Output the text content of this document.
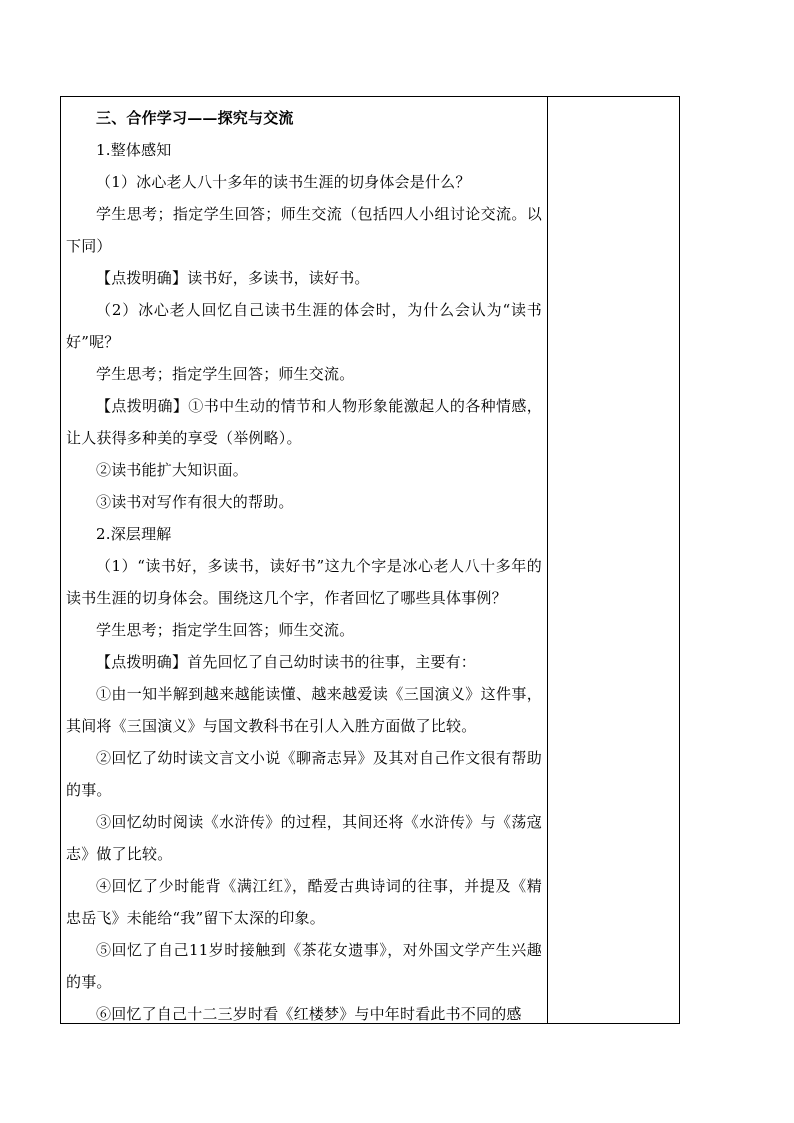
三、合作学习——探究与交流

1.整体感知

（1）冰心老人八十多年的读书生涯的切身体会是什么？

学生思考；指定学生回答；师生交流（包括四人小组讨论交流。以下同）

【点拨明确】读书好，多读书，读好书。

（2）冰心老人回忆自己读书生涯的体会时，为什么会认为“读书好”呢？

学生思考；指定学生回答；师生交流。

【点拨明确】①书中生动的情节和人物形象能激起人的各种情感，让人获得多种美的享受（举例略）。

②读书能扩大知识面。

③读书对写作有很大的帮助。

2.深层理解

（1）“读书好，多读书，读好书”这九个字是冰心老人八十多年的读书生涯的切身体会。围绕这几个字，作者回忆了哪些具体事例？

学生思考；指定学生回答；师生交流。

【点拨明确】首先回忆了自己幼时读书的往事，主要有：

①由一知半解到越来越能读懂、越来越爱读《三国演义》这件事，其间将《三国演义》与国文教科书在引人入胜方面做了比较。

②回忆了幼时读文言文小说《聊斋志异》及其对自己作文很有帮助的事。

③回忆幼时阅读《水浒传》的过程，其间还将《水浒传》与《荡寇志》做了比较。

④回忆了少时能背《满江红》，酷爱古典诗词的往事，并提及《精忠岳飞》未能给“我”留下太深的印象。

⑤回忆了自己11岁时接触到《茶花女遗事》，对外国文学产生兴趣的事。

⑥回忆了自己十二三岁时看《红楼梦》与中年时看此书不同的感
